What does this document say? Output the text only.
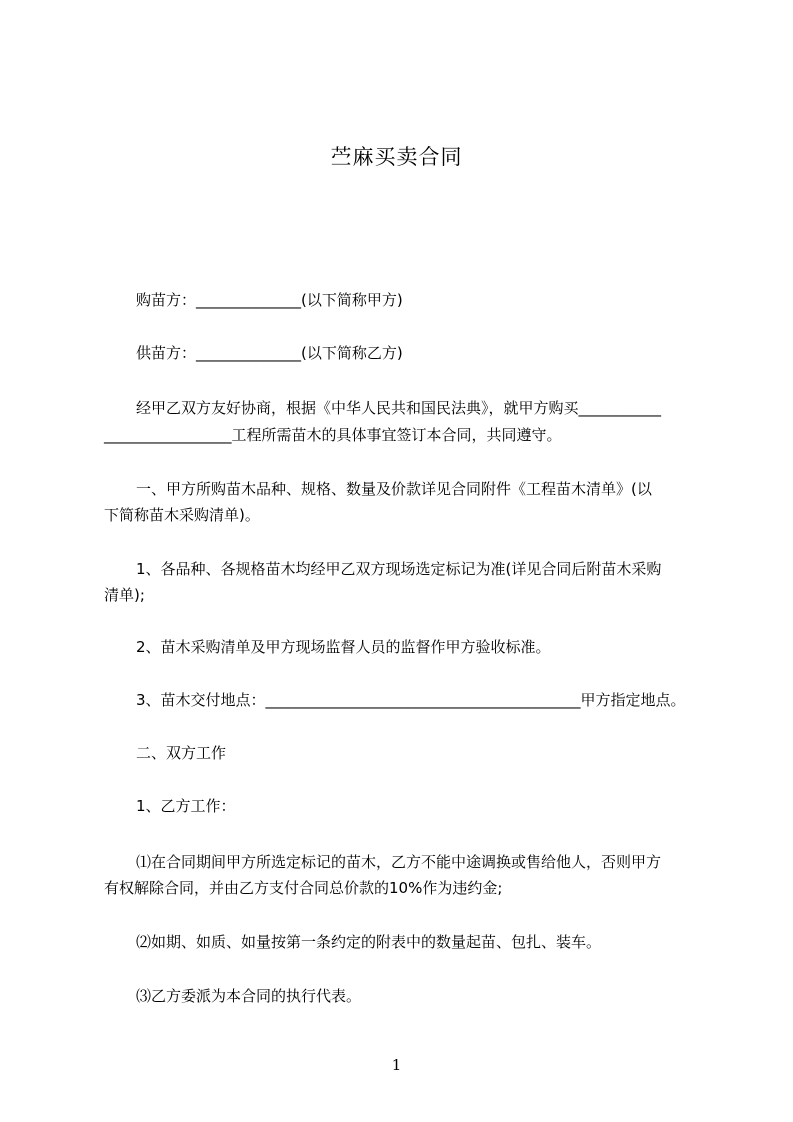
苎麻买卖合同
购苗方：______________(以下简称甲方)
供苗方：______________(以下简称乙方)
经甲乙双方友好协商，根据《中华人民共和国民法典》，就甲方购买___________
_________________工程所需苗木的具体事宜签订本合同，共同遵守。
一、甲方所购苗木品种、规格、数量及价款详见合同附件《工程苗木清单》(以
下简称苗木采购清单)。
1、各品种、各规格苗木均经甲乙双方现场选定标记为准(详见合同后附苗木采购
清单);
2、苗木采购清单及甲方现场监督人员的监督作甲方验收标准。
3、苗木交付地点：__________________________________________甲方指定地点。
二、双方工作
1、乙方工作：
⑴在合同期间甲方所选定标记的苗木，乙方不能中途调换或售给他人，否则甲方
有权解除合同，并由乙方支付合同总价款的10%作为违约金;
⑵如期、如质、如量按第一条约定的附表中的数量起苗、包扎、装车。
⑶乙方委派为本合同的执行代表。
1
